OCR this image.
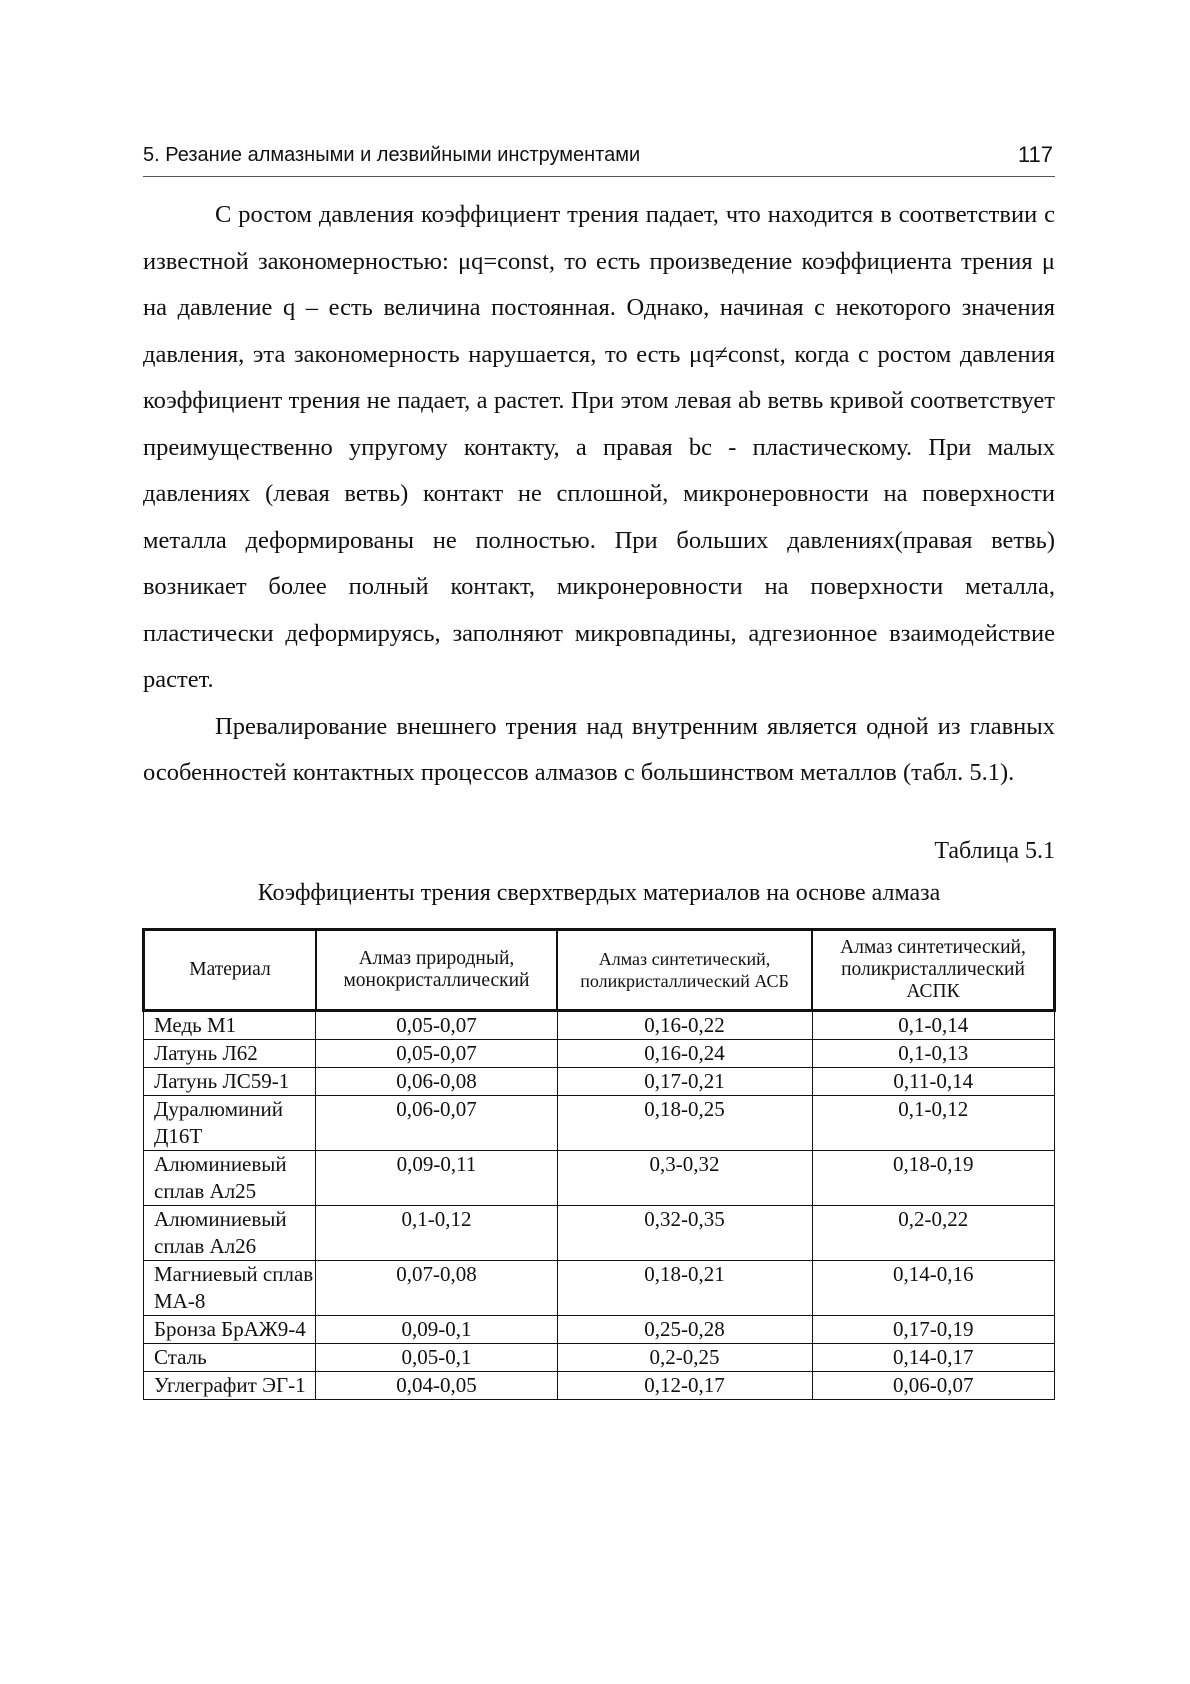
5. Резание алмазными и лезвийными инструментами	117

С ростом давления коэффициент трения падает, что находится в соответствии с известной закономерностью: μq=const, то есть произведение коэффициента трения μ на давление q – есть величина постоянная. Однако, начиная с некоторого значения давления, эта закономерность нарушается, то есть μq≠const, когда с ростом давления коэффициент трения не падает, а растет. При этом левая ab ветвь кривой соответствует преимущественно упругому контакту, а правая bc - пластическому. При малых давлениях (левая ветвь) контакт не сплошной, микронеровности на поверхности металла деформированы не полностью. При больших давлениях(правая ветвь) возникает более полный контакт, микронеровности на поверхности металла, пластически деформируясь, заполняют микровпадины, адгезионное взаимодействие растет.

Превалирование внешнего трения над внутренним является одной из главных особенностей контактных процессов алмазов с большинством металлов (табл. 5.1).

Таблица 5.1
Коэффициенты трения сверхтвердых материалов на основе алмаза
Материал	Алмаз природный, монокристаллический	Алмаз синтетический, поликристаллический АСБ	Алмаз синтетический, поликристаллический АСПК
Медь М1	0,05-0,07	0,16-0,22	0,1-0,14
Латунь Л62	0,05-0,07	0,16-0,24	0,1-0,13
Латунь ЛС59-1	0,06-0,08	0,17-0,21	0,11-0,14
Дуралюминий Д16Т	0,06-0,07	0,18-0,25	0,1-0,12
Алюминиевый сплав Ал25	0,09-0,11	0,3-0,32	0,18-0,19
Алюминиевый сплав Ал26	0,1-0,12	0,32-0,35	0,2-0,22
Магниевый сплав МА-8	0,07-0,08	0,18-0,21	0,14-0,16
Бронза БрАЖ9-4	0,09-0,1	0,25-0,28	0,17-0,19
Сталь	0,05-0,1	0,2-0,25	0,14-0,17
Углеграфит ЭГ-1	0,04-0,05	0,12-0,17	0,06-0,07
